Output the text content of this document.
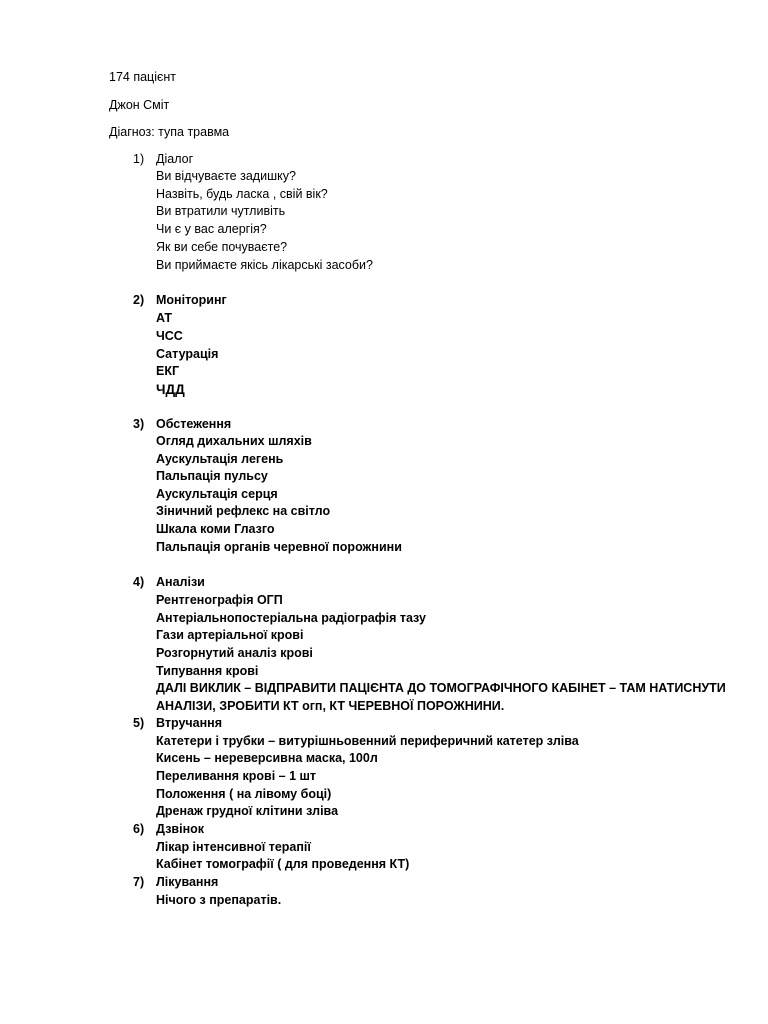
174 пацієнт
Джон Сміт
Діагноз: тупа травма
1) Діалог
Ви відчуваєте задишку?
Назвіть, будь ласка , свій вік?
Ви втратили чутливіть
Чи є у вас алергія?
Як ви себе почуваєте?
Ви приймаєте якісь лікарські засоби?
2) Моніторинг
АТ
ЧСС
Сатурація
ЕКГ
ЧДД
3) Обстеження
Огляд дихальних шляхів
Аускультація легень
Пальпація пульсу
Аускультація серця
Зіничний рефлекс на світло
Шкала коми Глазго
Пальпація органів черевної порожнини
4) Аналізи
Рентгенографія ОГП
Антеріальнопостеріальна радіографія тазу
Гази артеріальної крові
Розгорнутий аналіз крові
Типування крові
ДАЛІ ВИКЛИК – ВІДПРАВИТИ ПАЦІЄНТА ДО ТОМОГРАФІЧНОГО КАБІНЕТ – ТАМ НАТИСНУТИ
АНАЛІЗИ, ЗРОБИТИ КТ огп, КТ ЧЕРЕВНОЇ ПОРОЖНИНИ.
5) Втручання
Катетери і трубки – витурішньовенний периферичний катетер зліва
Кисень – нереверсивна маска, 100л
Переливання крові – 1 шт
Положення ( на лівому боці)
Дренаж грудної клітини зліва
6) Дзвінок
Лікар інтенсивної терапії
Кабінет томографії ( для проведення КТ)
7) Лікування
Нічого з препаратів.
